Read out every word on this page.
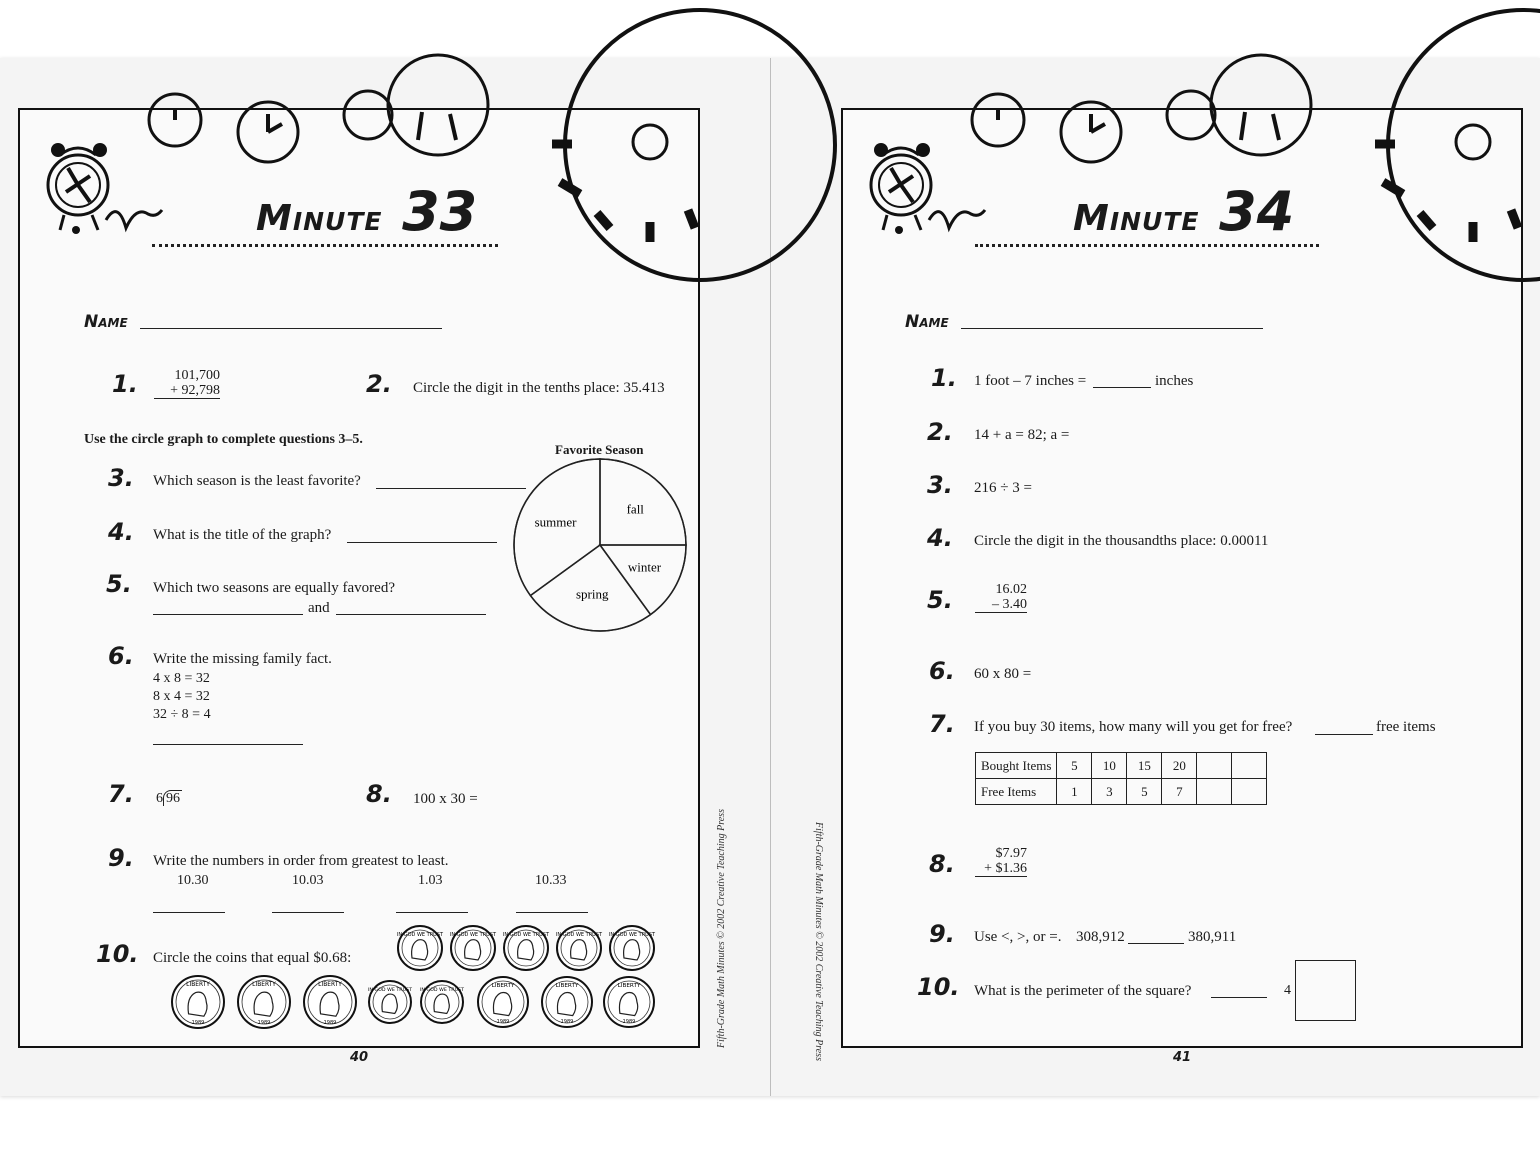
Minute 33
Name
1.	101,700
+ 92,798	2. Circle the digit in the tenths place: 35.413
Use the circle graph to complete questions 3–5.
3. Which season is the least favorite?
4. What is the title of the graph?
5. Which two seasons are equally favored?
and
Favorite Season
fall
winter
spring
summer
6. Write the missing family fact.
4 x 8 = 32
8 x 4 = 32
32 ÷ 8 = 4
7. 6 96	8. 100 x 30 =
9. Write the numbers in order from greatest to least.
10.30	10.03	1.03	10.33
10. Circle the coins that equal $0.68:
IN GOD WE TRUST IN GOD WE TRUST IN GOD WE TRUST IN GOD WE TRUST IN GOD WE TRUST
LIBERTY
1989
LIBERTY
1989
LIBERTY
1989
IN GOD WE TRUST IN GOD WE TRUST
LIBERTY
1989
LIBERTY
1989
LIBERTY
1989
40
Fifth-Grade Math Minutes © 2002 Creative Teaching Press
Minute 34
Name
1. 1 foot – 7 inches =	inches
2. 14 + a = 82; a =
3. 216 ÷ 3 =
4. Circle the digit in the thousandths place: 0.00011
5.	16.02
– 3.40
6. 60 x 80 =
7. If you buy 30 items, how many will you get for free?	free items
Bought Items	5	10	15	20		
Free Items	1	3	5	7		
8.	$7.97
+ $1.36
9. Use <, >, or =. 308,912	380,911
10. What is the perimeter of the square?	4
41
Fifth-Grade Math Minutes © 2002 Creative Teaching Press
